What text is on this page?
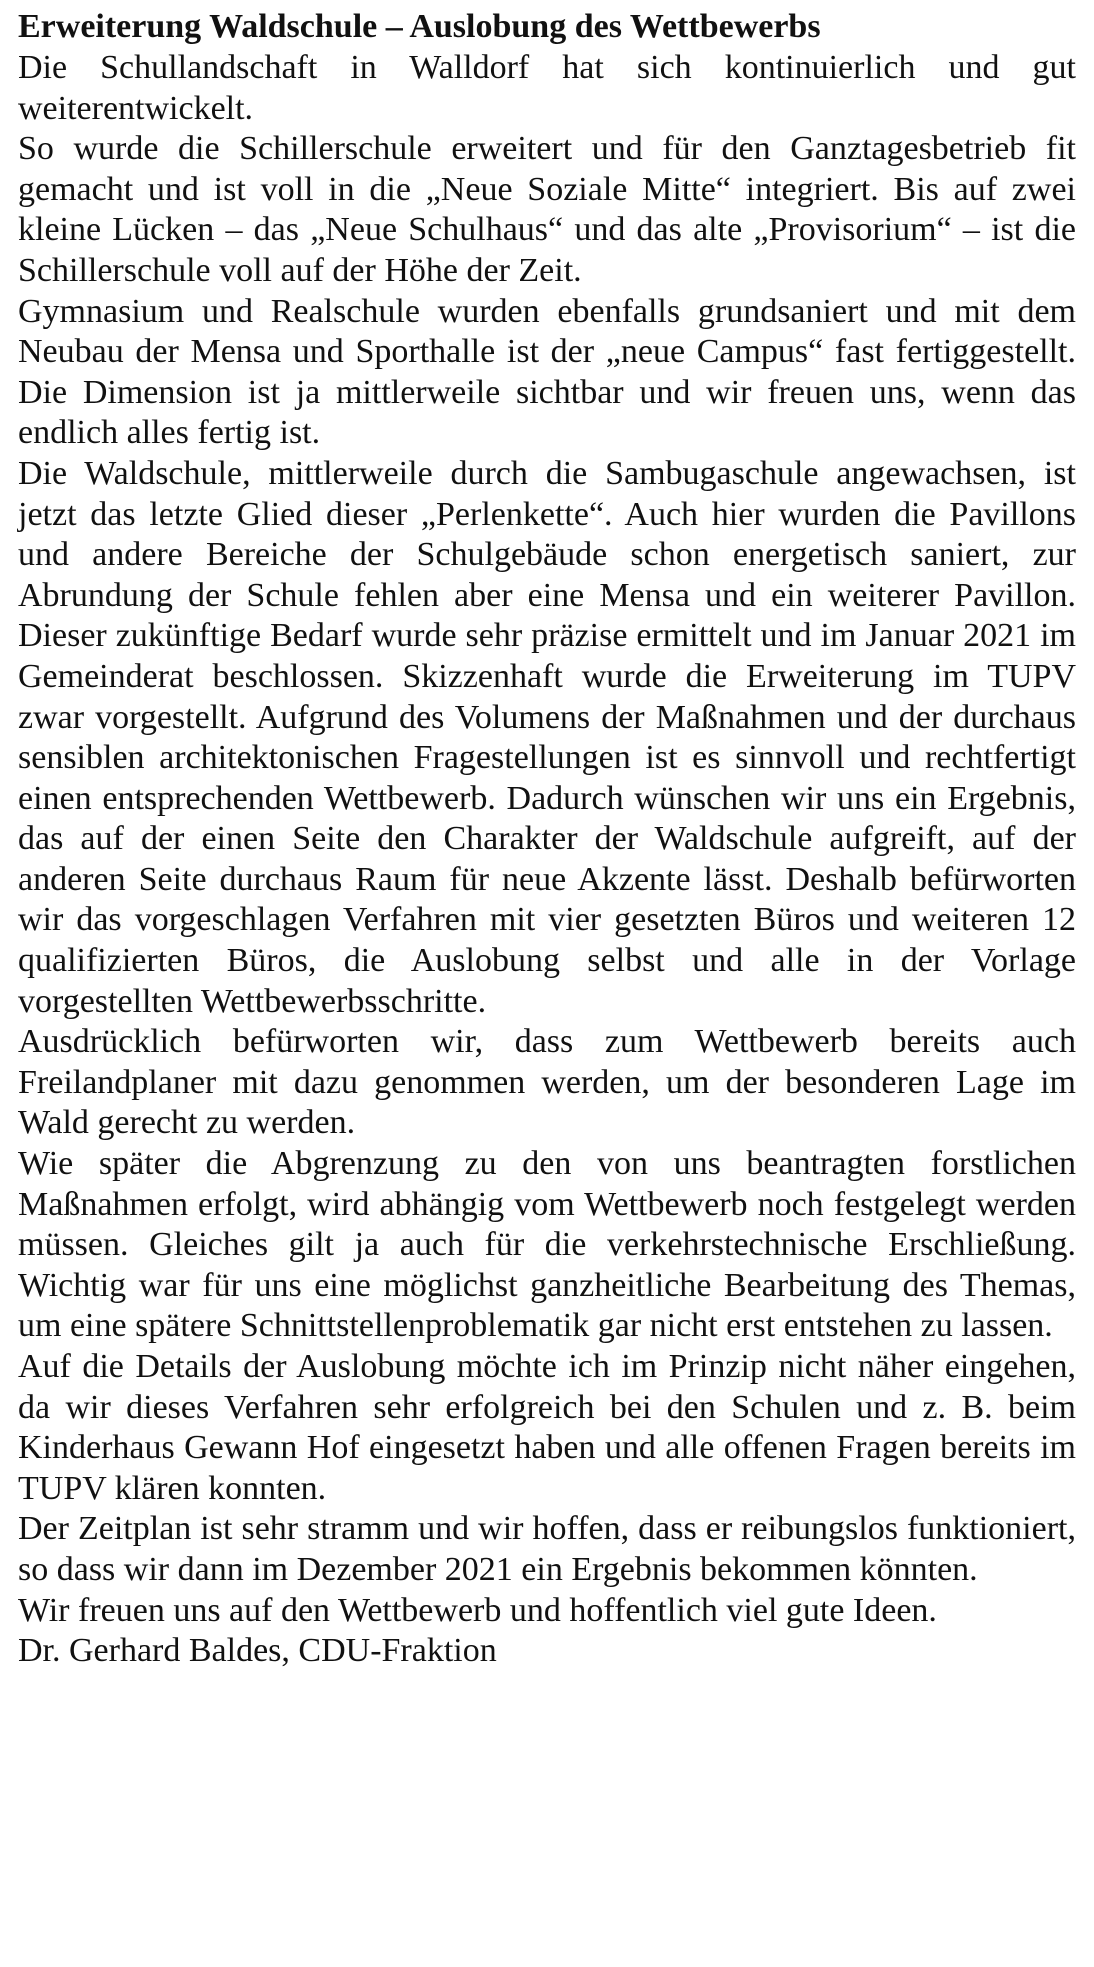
Erweiterung Waldschule – Auslobung des Wettbewerbs

Die Schullandschaft in Walldorf hat sich kontinuierlich und gut weiterentwickelt.

So wurde die Schillerschule erweitert und für den Ganztagesbetrieb fit gemacht und ist voll in die „Neue Soziale Mitte“ integriert. Bis auf zwei kleine Lücken – das „Neue Schulhaus“ und das alte „Provisorium“ – ist die Schillerschule voll auf der Höhe der Zeit.

Gymnasium und Realschule wurden ebenfalls grundsaniert und mit dem Neubau der Mensa und Sporthalle ist der „neue Campus“ fast fertiggestellt. Die Dimension ist ja mittlerweile sichtbar und wir freuen uns, wenn das endlich alles fertig ist.

Die Waldschule, mittlerweile durch die Sambugaschule angewachsen, ist jetzt das letzte Glied dieser „Perlenkette“. Auch hier wurden die Pavillons und andere Bereiche der Schulgebäude schon energetisch saniert, zur Abrundung der Schule fehlen aber eine Mensa und ein weiterer Pavillon. Dieser zukünftige Bedarf wurde sehr präzise ermittelt und im Januar 2021 im Gemeinderat beschlossen. Skizzenhaft wurde die Erweiterung im TUPV zwar vorgestellt. Aufgrund des Volumens der Maßnahmen und der durchaus sensiblen architektonischen Fragestellungen ist es sinnvoll und rechtfertigt einen entsprechenden Wettbewerb. Dadurch wünschen wir uns ein Ergebnis, das auf der einen Seite den Charakter der Waldschule aufgreift, auf der anderen Seite durchaus Raum für neue Akzente lässt. Deshalb befürworten wir das vorgeschlagen Verfahren mit vier gesetzten Büros und weiteren 12 qualifizierten Büros, die Auslobung selbst und alle in der Vorlage vorgestellten Wettbewerbsschritte.

Ausdrücklich befürworten wir, dass zum Wettbewerb bereits auch Freilandplaner mit dazu genommen werden, um der besonderen Lage im Wald gerecht zu werden.

Wie später die Abgrenzung zu den von uns beantragten forstlichen Maßnahmen erfolgt, wird abhängig vom Wettbewerb noch festgelegt werden müssen. Gleiches gilt ja auch für die verkehrstechnische Erschließung. Wichtig war für uns eine möglichst ganzheitliche Bearbeitung des Themas, um eine spätere Schnittstellenproblematik gar nicht erst entstehen zu lassen.

Auf die Details der Auslobung möchte ich im Prinzip nicht näher eingehen, da wir dieses Verfahren sehr erfolgreich bei den Schulen und z. B. beim Kinderhaus Gewann Hof eingesetzt haben und alle offenen Fragen bereits im TUPV klären konnten.

Der Zeitplan ist sehr stramm und wir hoffen, dass er reibungslos funktioniert, so dass wir dann im Dezember 2021 ein Ergebnis bekommen könnten.

Wir freuen uns auf den Wettbewerb und hoffentlich viel gute Ideen.

Dr. Gerhard Baldes, CDU-Fraktion
